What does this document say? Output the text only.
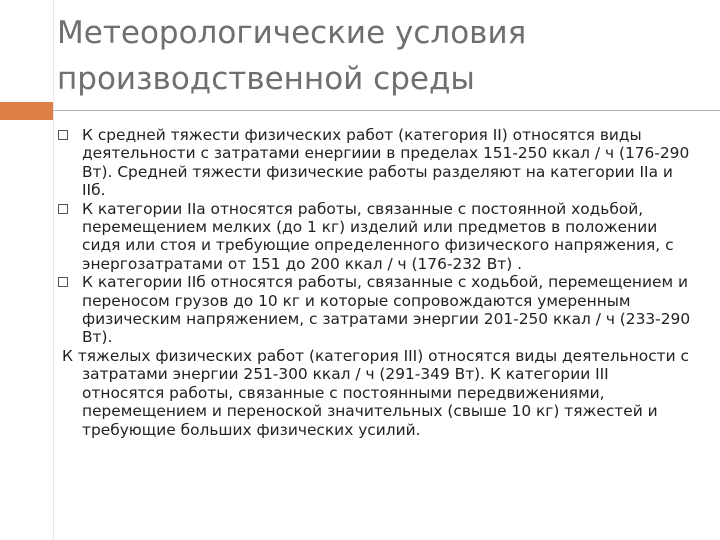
Метеорологические условия производственной среды

К средней тяжести физических работ (категория II) относятся виды деятельности с затратами енергиии в пределах 151-250 ккал / ч (176-290 Вт). Средней тяжести физические работы разделяют на категории IIа и IIб.

К категории IIа относятся работы, связанные с постоянной ходьбой, перемещением мелких (до 1 кг) изделий или предметов в положении сидя или стоя и требующие определенного физического напряжения, с энергозатратами от 151 до 200 ккал / ч (176-232 Вт) .

К категории IIб относятся работы, связанные с ходьбой, перемещением и переносом грузов до 10 кг и которые сопровождаются умеренным физическим напряжением, с затратами энергии 201-250 ккал / ч (233-290 Вт).

К тяжелых физических работ (категория III) относятся виды деятельности с затратами энергии 251-300 ккал / ч (291-349 Вт). К категории III относятся работы, связанные с постоянными передвижениями, перемещением и переноской значительных (свыше 10 кг) тяжестей и требующие больших физических усилий.
